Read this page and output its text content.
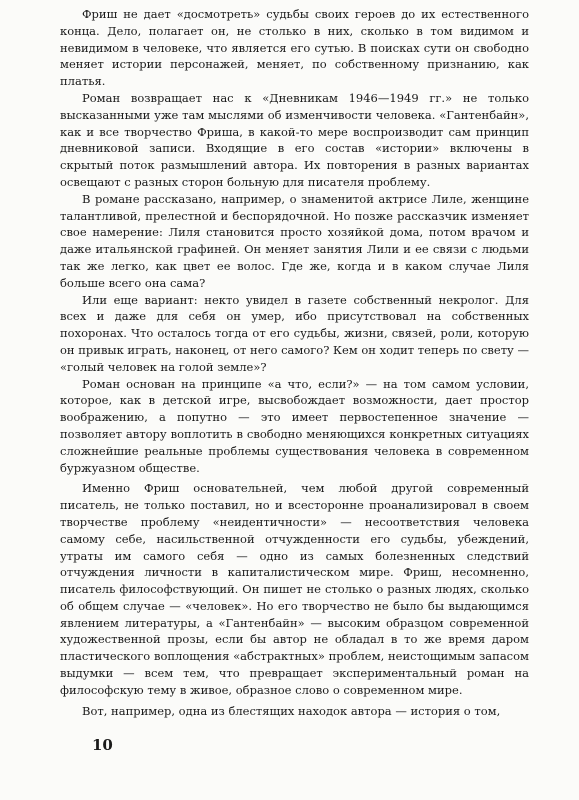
Фриш не дает «досмотреть» судьбы своих героев до их естественного конца. Дело, полагает он, не столько в них, сколько в том видимом и невидимом в человеке, что является его сутью. В поисках сути он свободно меняет истории персонажей, меняет, по собственному признанию, как платья.

Роман возвращает нас к «Дневникам 1946—1949 гг.» не только высказанными уже там мыслями об изменчивости человека. «Гантенбайн», как и все творчество Фриша, в какой-то мере воспроизводит сам принцип дневниковой записи. Входящие в его состав «истории» включены в скрытый поток размышлений автора. Их повторения в разных вариантах освещают с разных сторон больную для писателя проблему.

В романе рассказано, например, о знаменитой актрисе Лиле, женщине талантливой, прелестной и беспорядочной. Но позже рассказчик изменяет свое намерение: Лиля становится просто хозяйкой дома, потом врачом и даже итальянской графиней. Он меняет занятия Лили и ее связи с людьми так же легко, как цвет ее волос. Где же, когда и в каком случае Лиля больше всего она сама?

Или еще вариант: некто увидел в газете собственный некролог. Для всех и даже для себя он умер, ибо присутствовал на собственных похоронах. Что осталось тогда от его судьбы, жизни, связей, роли, которую он привык играть, наконец, от него самого? Кем он ходит теперь по свету — «голый человек на голой земле»?

Роман основан на принципе «а что, если?» — на том самом условии, которое, как в детской игре, высвобождает возможности, дает простор воображению, а попутно — это имеет первостепенное значение — позволяет автору воплотить в свободно меняющихся конкретных ситуациях сложнейшие реальные проблемы существования человека в современном буржуазном обществе.

Именно Фриш основательней, чем любой другой современный писатель, не только поставил, но и всесторонне проанализировал в своем творчестве проблему «неидентичности» — несоответствия человека самому себе, насильственной отчужденности его судьбы, убеждений, утраты им самого себя — одно из самых болезненных следствий отчуждения личности в капиталистическом мире. Фриш, несомненно, писатель философствующий. Он пишет не столько о разных людях, сколько об общем случае — «человек». Но его творчество не было бы выдающимся явлением литературы, а «Гантенбайн» — высоким образцом современной художественной прозы, если бы автор не обладал в то же время даром пластического воплощения «абстрактных» проблем, неистощимым запасом выдумки — всем тем, что превращает экспериментальный роман на философскую тему в живое, образное слово о современном мире.

Вот, например, одна из блестящих находок автора — история о том,

10
